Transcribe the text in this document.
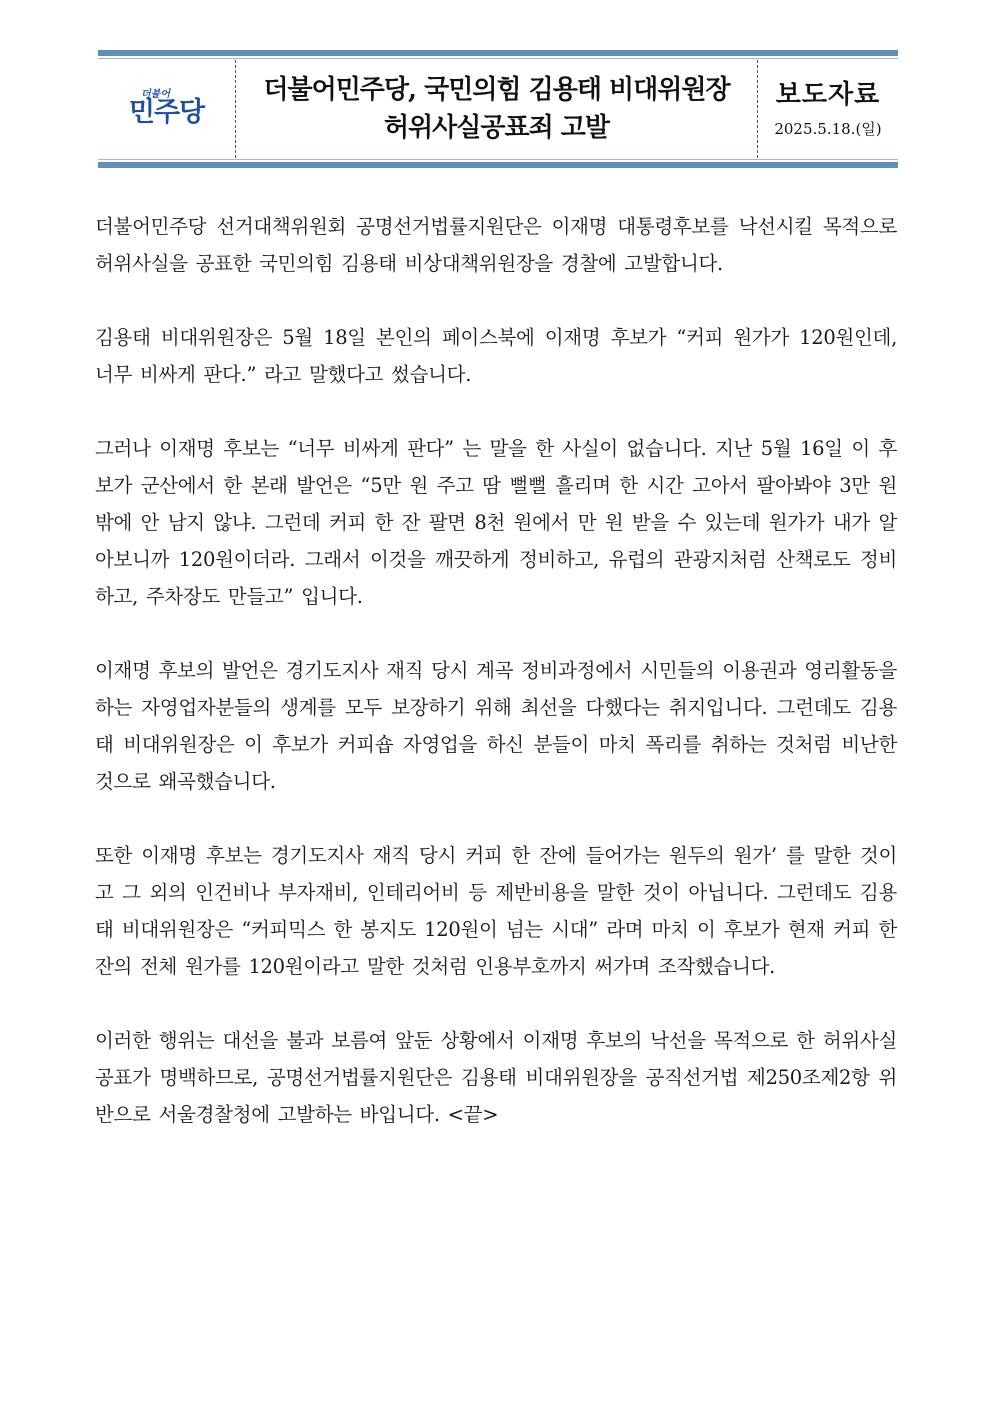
더불어
민주당
더불어민주당, 국민의힘 김용태 비대위원장
허위사실공표죄 고발
보도자료
2025.5.18.(일)

더불어민주당 선거대책위원회 공명선거법률지원단은 이재명 대통령후보를 낙선시킬 목적으로 허위사실을 공표한 국민의힘 김용태 비상대책위원장을 경찰에 고발합니다.

김용태 비대위원장은 5월 18일 본인의 페이스북에 이재명 후보가 “커피 원가가 120원인데, 너무 비싸게 판다.” 라고 말했다고 썼습니다.

그러나 이재명 후보는 “너무 비싸게 판다” 는 말을 한 사실이 없습니다. 지난 5월 16일 이 후보가 군산에서 한 본래 발언은 “5만 원 주고 땀 뻘뻘 흘리며 한 시간 고아서 팔아봐야 3만 원 밖에 안 남지 않냐. 그런데 커피 한 잔 팔면 8천 원에서 만 원 받을 수 있는데 원가가 내가 알아보니까 120원이더라. 그래서 이것을 깨끗하게 정비하고, 유럽의 관광지처럼 산책로도 정비하고, 주차장도 만들고” 입니다.

이재명 후보의 발언은 경기도지사 재직 당시 계곡 정비과정에서 시민들의 이용권과 영리활동을 하는 자영업자분들의 생계를 모두 보장하기 위해 최선을 다했다는 취지입니다. 그런데도 김용태 비대위원장은 이 후보가 커피숍 자영업을 하신 분들이 마치 폭리를 취하는 것처럼 비난한 것으로 왜곡했습니다.

또한 이재명 후보는 경기도지사 재직 당시 커피 한 잔에 들어가는 원두의 원가’ 를 말한 것이고 그 외의 인건비나 부자재비, 인테리어비 등 제반비용을 말한 것이 아닙니다. 그런데도 김용태 비대위원장은 “커피믹스 한 봉지도 120원이 넘는 시대” 라며 마치 이 후보가 현재 커피 한 잔의 전체 원가를 120원이라고 말한 것처럼 인용부호까지 써가며 조작했습니다.

이러한 행위는 대선을 불과 보름여 앞둔 상황에서 이재명 후보의 낙선을 목적으로 한 허위사실공표가 명백하므로, 공명선거법률지원단은 김용태 비대위원장을 공직선거법 제250조제2항 위반으로 서울경찰청에 고발하는 바입니다. <끝>
